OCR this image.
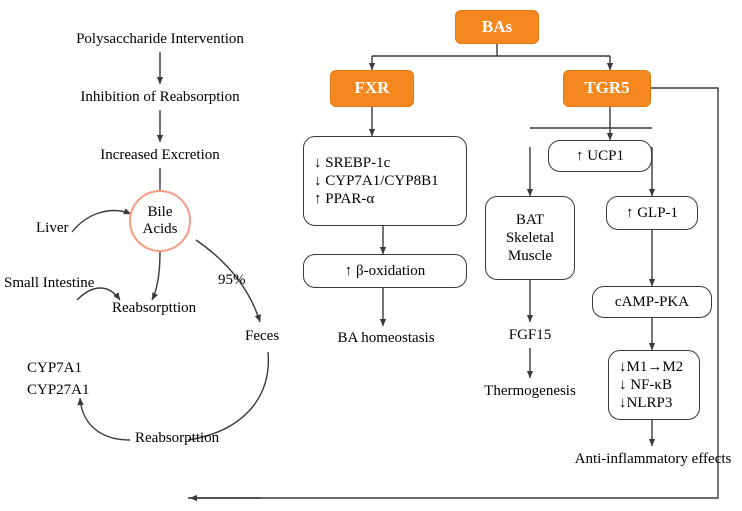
Polysaccharide Intervention
Inhibition of Reabsorption
Increased Excretion
Bile
Acids
Liver
Small Intestine
Reabsorpttion
95%
Feces
CYP7A1
CYP27A1
Reabsorpttion
BAs
FXR	TGR5
↓ SREBP-1c
↓ CYP7A1/CYP8B1
↑ PPAR-α
↑ β-oxidation
BA homeostasis
↑ UCP1
BAT
Skeletal
Muscle
FGF15
Thermogenesis
↑ GLP-1
cAMP-PKA
↓M1→M2
↓ NF-κB
↓NLRP3
Anti-inflammatory effects
